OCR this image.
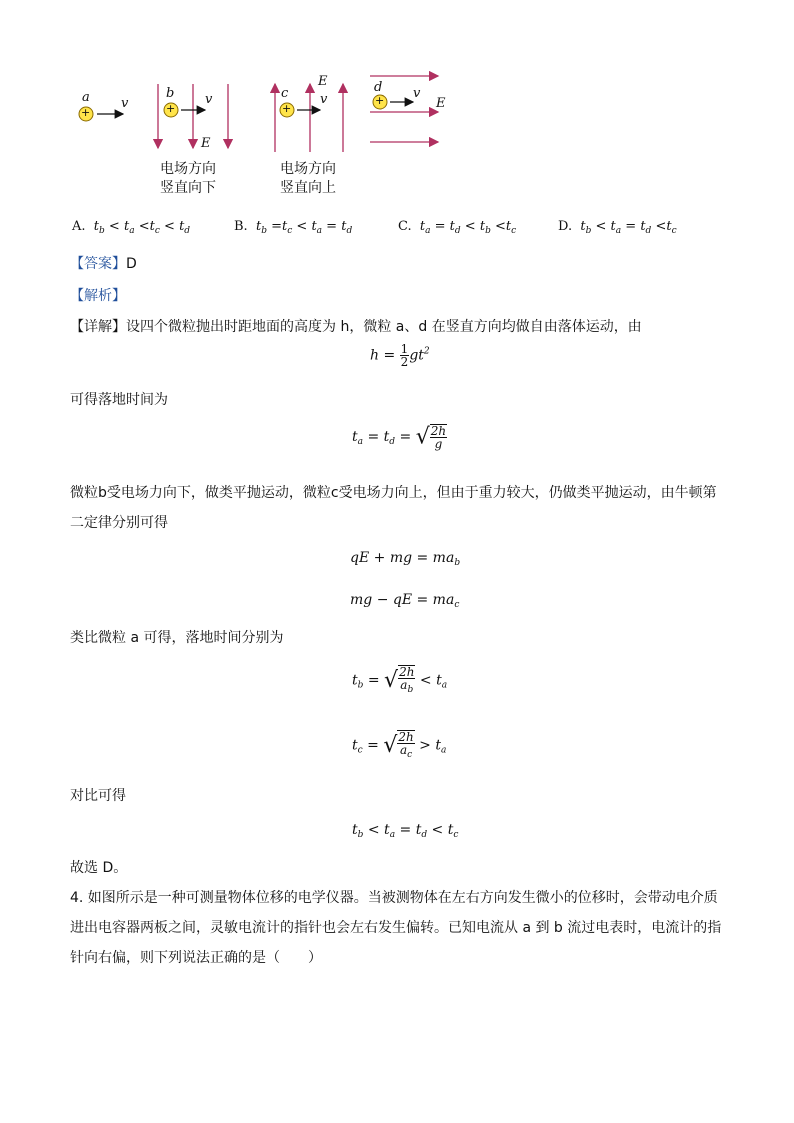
+	+	+
+
a v
b v
E
c v
E	d v
E
电场方向
竖直向下
电场方向
竖直向上
A. $t_b < t_a <t_c < t_d$	B. $t_b =t_c < t_a = t_d$	C. $t_a = t_d < t_b <t_c$	D. $t_b < t_a = t_d <t_c$
【答案】D
【解析】
【详解】设四个微粒抛出时距地面的高度为 h，微粒 a、d 在竖直方向均做自由落体运动，由
$h = \frac{1}{2} gt^2$
可得落地时间为
$t_a = t_d$ = √ $\frac{2h}{g}$
微粒b受电场力向下，做类平抛运动，微粒c受电场力向上，但由于重力较大，仍做类平抛运动，由牛顿第
二定律分别可得
qE + mg = $ma_b$
mg − qE = $ma_c$
类比微粒 a 可得，落地时间分别为
$t_b$ = √ $\frac{2h}{a_b} < t_a$
$t_c$ = √ $\frac{2h}{a_c} > t_a$
对比可得
$t_b < t_a = t_d < t_c$
故选 D。
4. 如图所示是一种可测量物体位移的电学仪器。当被测物体在左右方向发生微小的位移时，会带动电介质
进出电容器两板之间，灵敏电流计的指针也会左右发生偏转。已知电流从 a 到 b 流过电表时，电流计的指
针向右偏，则下列说法正确的是（　　）
